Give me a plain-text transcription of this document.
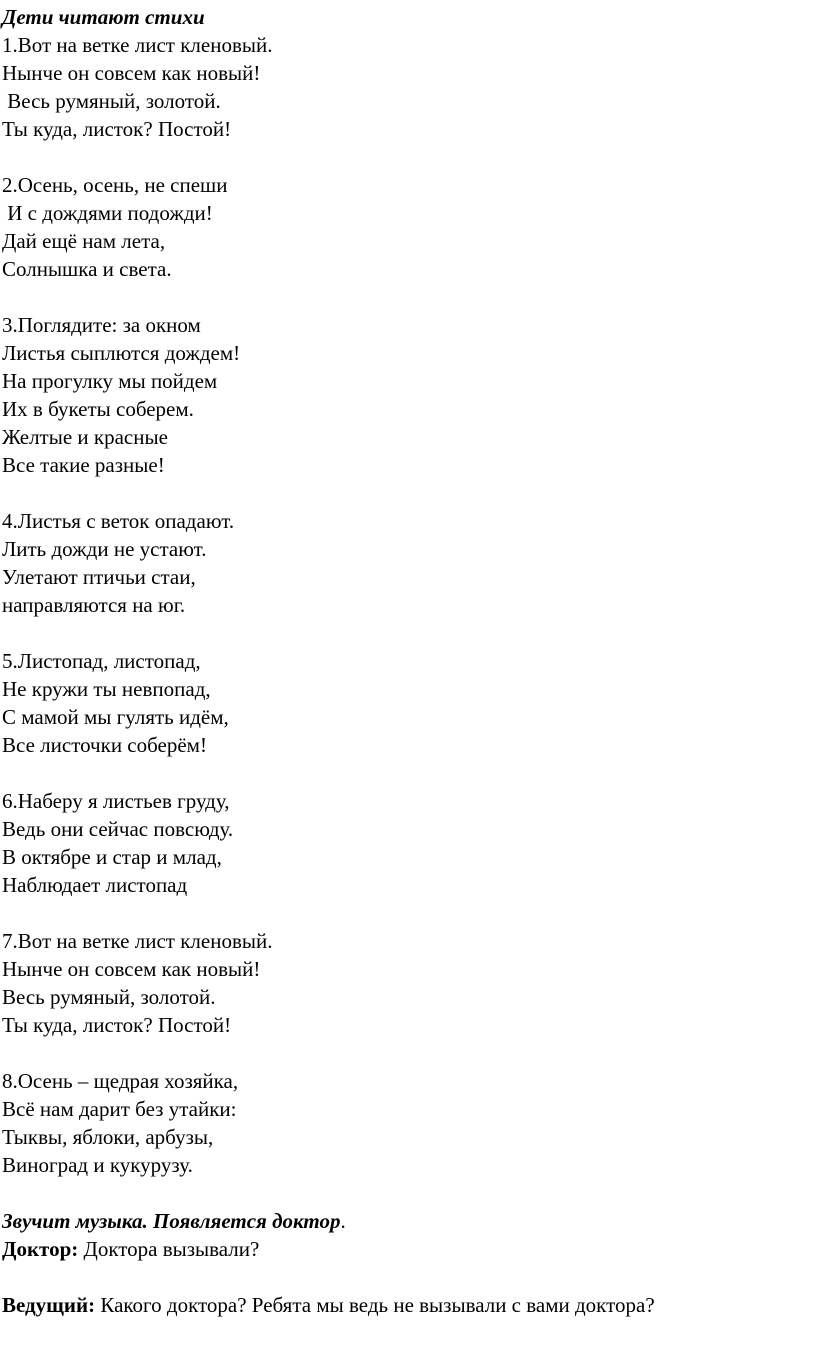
Дети читают стихи
1.Вот на ветке лист кленовый.
Нынче он совсем как новый!
Весь румяный, золотой.
Ты куда, листок? Постой!
2.Осень, осень, не спеши
И с дождями подожди!
Дай ещё нам лета,
Солнышка и света.
3.Поглядите: за окном
Листья сыплются дождем!
На прогулку мы пойдем
Их в букеты соберем.
Желтые и красные
Все такие разные!
4.Листья с веток опадают.
Лить дожди не устают.
Улетают птичьи стаи,
направляются на юг.
5.Листопад, листопад,
Не кружи ты невпопад,
С мамой мы гулять идём,
Все листочки соберём!
6.Наберу я листьев груду,
Ведь они сейчас повсюду.
В октябре и стар и млад,
Наблюдает листопад
7.Вот на ветке лист кленовый.
Нынче он совсем как новый!
Весь румяный, золотой.
Ты куда, листок? Постой!
8.Осень – щедрая хозяйка,
Всё нам дарит без утайки:
Тыквы, яблоки, арбузы,
Виноград и кукурузу.
Звучит музыка. Появляется доктор.
Доктор: Доктора вызывали?
Ведущий: Какого доктора? Ребята мы ведь не вызывали с вами доктора?
